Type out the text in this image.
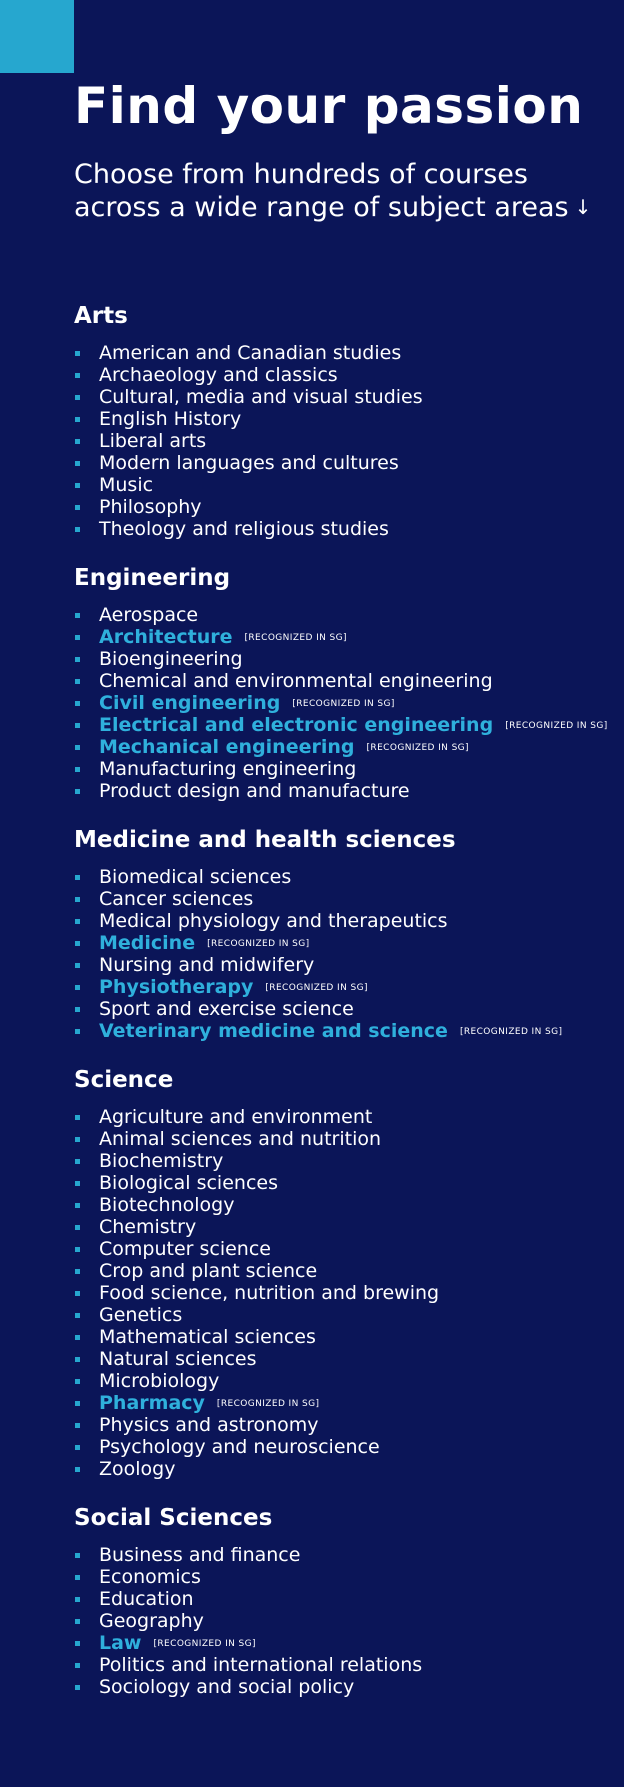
Find your passion
Choose from hundreds of courses across a wide range of subject areas ↓
Arts
American and Canadian studies
Archaeology and classics
Cultural, media and visual studies
English History
Liberal arts
Modern languages and cultures
Music
Philosophy
Theology and religious studies
Engineering
Aerospace
Architecture [RECOGNIZED IN SG]
Bioengineering
Chemical and environmental engineering
Civil engineering [RECOGNIZED IN SG]
Electrical and electronic engineering [RECOGNIZED IN SG]
Mechanical engineering [RECOGNIZED IN SG]
Manufacturing engineering
Product design and manufacture
Medicine and health sciences
Biomedical sciences
Cancer sciences
Medical physiology and therapeutics
Medicine [RECOGNIZED IN SG]
Nursing and midwifery
Physiotherapy [RECOGNIZED IN SG]
Sport and exercise science
Veterinary medicine and science [RECOGNIZED IN SG]
Science
Agriculture and environment
Animal sciences and nutrition
Biochemistry
Biological sciences
Biotechnology
Chemistry
Computer science
Crop and plant science
Food science, nutrition and brewing
Genetics
Mathematical sciences
Natural sciences
Microbiology
Pharmacy [RECOGNIZED IN SG]
Physics and astronomy
Psychology and neuroscience
Zoology
Social Sciences
Business and finance
Economics
Education
Geography
Law [RECOGNIZED IN SG]
Politics and international relations
Sociology and social policy
